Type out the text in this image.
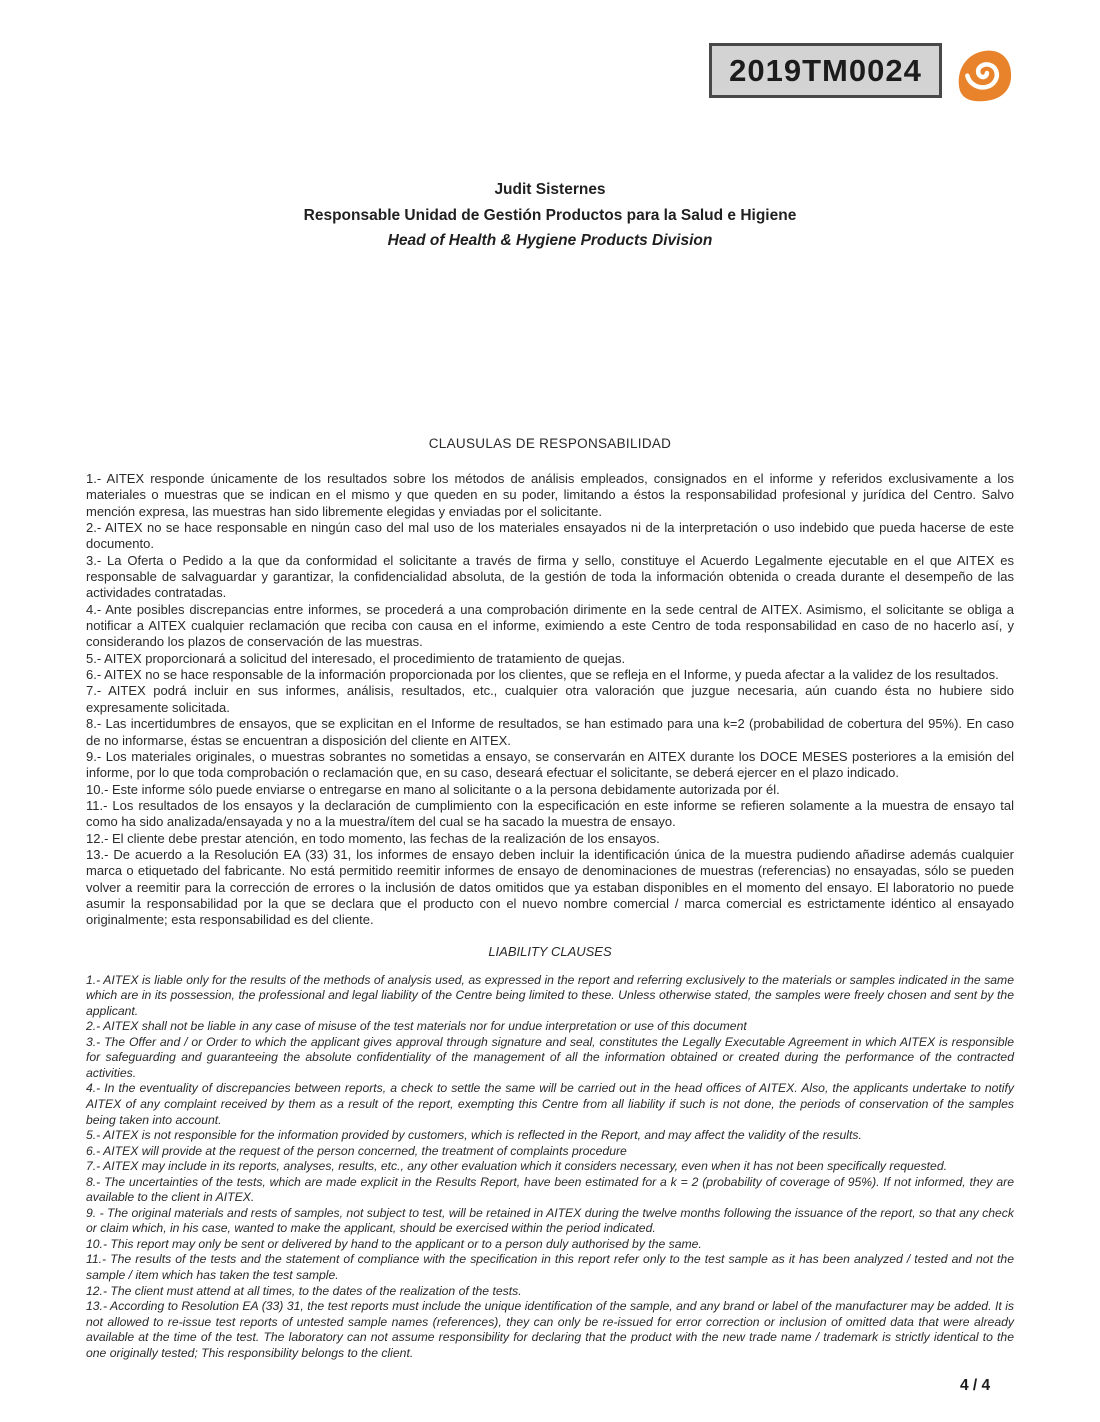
2019TM0024
Judit Sisternes
Responsable Unidad de Gestión Productos para la Salud e Higiene
Head of Health & Hygiene Products Division
CLAUSULAS DE RESPONSABILIDAD

1.- AITEX responde únicamente de los resultados sobre los métodos de análisis empleados, consignados en el informe y referidos exclusivamente a los materiales o muestras que se indican en el mismo y que queden en su poder, limitando a éstos la responsabilidad profesional y jurídica del Centro. Salvo mención expresa, las muestras han sido libremente elegidas y enviadas por el solicitante.

2.- AITEX no se hace responsable en ningún caso del mal uso de los materiales ensayados ni de la interpretación o uso indebido que pueda hacerse de este documento.

3.- La Oferta o Pedido a la que da conformidad el solicitante a través de firma y sello, constituye el Acuerdo Legalmente ejecutable en el que AITEX es responsable de salvaguardar y garantizar, la confidencialidad absoluta, de la gestión de toda la información obtenida o creada durante el desempeño de las actividades contratadas.

4.- Ante posibles discrepancias entre informes, se procederá a una comprobación dirimente en la sede central de AITEX. Asimismo, el solicitante se obliga a notificar a AITEX cualquier reclamación que reciba con causa en el informe, eximiendo a este Centro de toda responsabilidad en caso de no hacerlo así, y considerando los plazos de conservación de las muestras.

5.- AITEX proporcionará a solicitud del interesado, el procedimiento de tratamiento de quejas.

6.- AITEX no se hace responsable de la información proporcionada por los clientes, que se refleja en el Informe, y pueda afectar a la validez de los resultados.

7.- AITEX podrá incluir en sus informes, análisis, resultados, etc., cualquier otra valoración que juzgue necesaria, aún cuando ésta no hubiere sido expresamente solicitada.

8.- Las incertidumbres de ensayos, que se explicitan en el Informe de resultados, se han estimado para una k=2 (probabilidad de cobertura del 95%). En caso de no informarse, éstas se encuentran a disposición del cliente en AITEX.

9.- Los materiales originales, o muestras sobrantes no sometidas a ensayo, se conservarán en AITEX durante los DOCE MESES posteriores a la emisión del informe, por lo que toda comprobación o reclamación que, en su caso, deseará efectuar el solicitante, se deberá ejercer en el plazo indicado.

10.- Este informe sólo puede enviarse o entregarse en mano al solicitante o a la persona debidamente autorizada por él.

11.- Los resultados de los ensayos y la declaración de cumplimiento con la especificación en este informe se refieren solamente a la muestra de ensayo tal como ha sido analizada/ensayada y no a la muestra/ítem del cual se ha sacado la muestra de ensayo.

12.- El cliente debe prestar atención, en todo momento, las fechas de la realización de los ensayos.

13.- De acuerdo a la Resolución EA (33) 31, los informes de ensayo deben incluir la identificación única de la muestra pudiendo añadirse además cualquier marca o etiquetado del fabricante. No está permitido reemitir informes de ensayo de denominaciones de muestras (referencias) no ensayadas, sólo se pueden volver a reemitir para la corrección de errores o la inclusión de datos omitidos que ya estaban disponibles en el momento del ensayo. El laboratorio no puede asumir la responsabilidad por la que se declara que el producto con el nuevo nombre comercial / marca comercial es estrictamente idéntico al ensayado originalmente; esta responsabilidad es del cliente.

LIABILITY CLAUSES

1.- AITEX is liable only for the results of the methods of analysis used, as expressed in the report and referring exclusively to the materials or samples indicated in the same which are in its possession, the professional and legal liability of the Centre being limited to these. Unless otherwise stated, the samples were freely chosen and sent by the applicant.

2.- AITEX shall not be liable in any case of misuse of the test materials nor for undue interpretation or use of this document

3.- The Offer and / or Order to which the applicant gives approval through signature and seal, constitutes the Legally Executable Agreement in which AITEX is responsible for safeguarding and guaranteeing the absolute confidentiality of the management of all the information obtained or created during the performance of the contracted activities.

4.- In the eventuality of discrepancies between reports, a check to settle the same will be carried out in the head offices of AITEX. Also, the applicants undertake to notify AITEX of any complaint received by them as a result of the report, exempting this Centre from all liability if such is not done, the periods of conservation of the samples being taken into account.

5.- AITEX is not responsible for the information provided by customers, which is reflected in the Report, and may affect the validity of the results.

6.- AITEX will provide at the request of the person concerned, the treatment of complaints procedure

7.- AITEX may include in its reports, analyses, results, etc., any other evaluation which it considers necessary, even when it has not been specifically requested.

8.- The uncertainties of the tests, which are made explicit in the Results Report, have been estimated for a k = 2 (probability of coverage of 95%). If not informed, they are available to the client in AITEX.

9. - The original materials and rests of samples, not subject to test, will be retained in AITEX during the twelve months following the issuance of the report, so that any check or claim which, in his case, wanted to make the applicant, should be exercised within the period indicated.

10.- This report may only be sent or delivered by hand to the applicant or to a person duly authorised by the same.

11.- The results of the tests and the statement of compliance with the specification in this report refer only to the test sample as it has been analyzed / tested and not the sample / item which has taken the test sample.

12.- The client must attend at all times, to the dates of the realization of the tests.

13.- According to Resolution EA (33) 31, the test reports must include the unique identification of the sample, and any brand or label of the manufacturer may be added. It is not allowed to re-issue test reports of untested sample names (references), they can only be re-issued for error correction or inclusion of omitted data that were already available at the time of the test. The laboratory can not assume responsibility for declaring that the product with the new trade name / trademark is strictly identical to the one originally tested; This responsibility belongs to the client.

4 / 4
